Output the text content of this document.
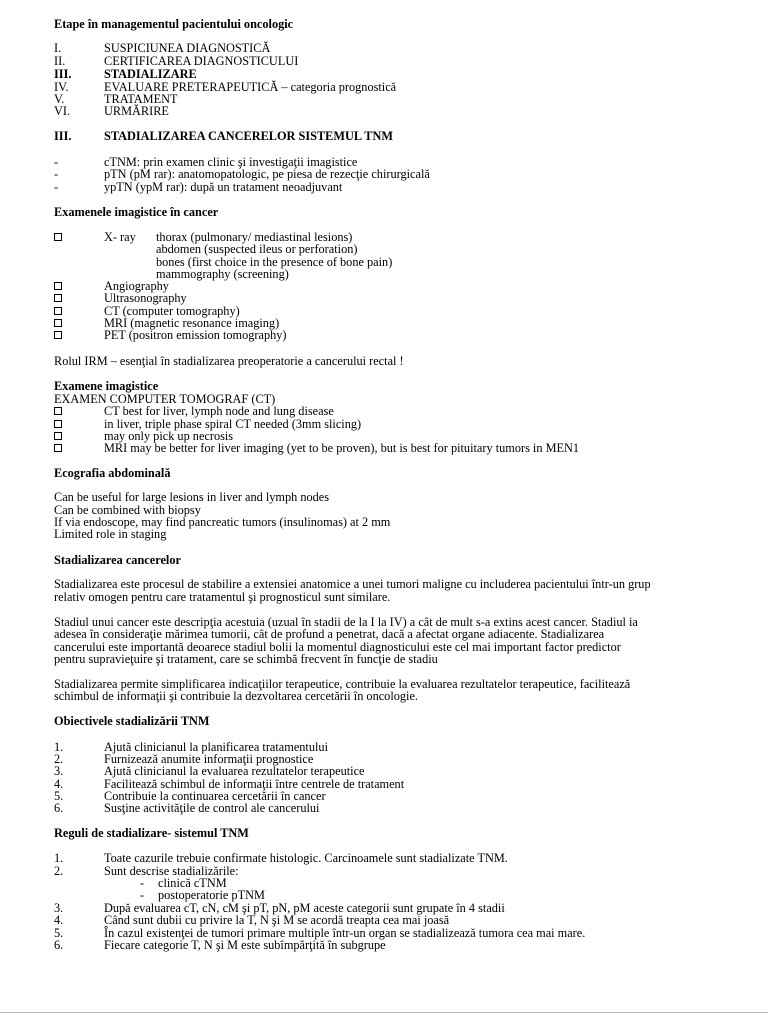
Etape în managementul pacientului oncologic
I.	SUSPICIUNEA DIAGNOSTICĂ
II.	CERTIFICAREA DIAGNOSTICULUI
III.	STADIALIZARE
IV.	EVALUARE PRETERAPEUTICĂ – categoria prognostică
V.	TRATAMENT
VI.	URMĂRIRE
III.	STADIALIZAREA CANCERELOR SISTEMUL TNM
-	cTNM: prin examen clinic şi investigaţii imagistice
-	pTN (pM rar): anatomopatologic, pe piesa de rezecţie chirurgicală
-	ypTN (ypM rar): după un tratament neoadjuvant
Examenele imagistice în cancer
X- ray thorax (pulmonary/ mediastinal lesions)
abdomen (suspected ileus or perforation)
bones (first choice in the presence of bone pain)
mammography (screening)
Angiography
Ultrasonography
CT (computer tomography)
MRI (magnetic resonance imaging)
PET (positron emission tomography)
Rolul IRM – esenţial în stadializarea preoperatorie a cancerului rectal !
Examene imagistice
EXAMEN COMPUTER TOMOGRAF (CT)
CT best for liver, lymph node and lung disease
in liver, triple phase spiral CT needed (3mm slicing)
may only pick up necrosis
MRI may be better for liver imaging (yet to be proven), but is best for pituitary tumors in MEN1
Ecografia abdominală
Can be useful for large lesions in liver and lymph nodes
Can be combined with biopsy
If via endoscope, may find pancreatic tumors (insulinomas) at 2 mm
Limited role in staging
Stadializarea cancerelor
Stadializarea este procesul de stabilire a extensiei anatomice a unei tumori maligne cu includerea pacientului într-un grup
relativ omogen pentru care tratamentul şi prognosticul sunt similare.
Stadiul unui cancer este descripţia acestuia (uzual în stadii de la I la IV) a cât de mult s-a extins acest cancer. Stadiul ia
adesea în consideraţie mărimea tumorii, cât de profund a penetrat, dacă a afectat organe adiacente. Stadializarea
cancerului este importantă deoarece stadiul bolii la momentul diagnosticului este cel mai important factor predictor
pentru supravieţuire şi tratament, care se schimbă frecvent în funcţie de stadiu
Stadializarea permite simplificarea indicaţiilor terapeutice, contribuie la evaluarea rezultatelor terapeutice, facilitează
schimbul de informaţii şi contribuie la dezvoltarea cercetării în oncologie.
Obiectivele stadializării TNM
1.	Ajută clinicianul la planificarea tratamentului
2.	Furnizează anumite informaţii prognostice
3.	Ajută clinicianul la evaluarea rezultatelor terapeutice
4.	Facilitează schimbul de informaţii între centrele de tratament
5.	Contribuie la continuarea cercetării în cancer
6.	Susţine activităţile de control ale cancerului
Reguli de stadializare- sistemul TNM
1.	Toate cazurile trebuie confirmate histologic. Carcinoamele sunt stadializate TNM.
2.	Sunt descrise stadializările:
- clinică cTNM
- postoperatorie pTNM
3.	După evaluarea cT, cN, cM şi pT, pN, pM aceste categorii sunt grupate în 4 stadii
4.	Când sunt dubii cu privire la T, N şi M se acordă treapta cea mai joasă
5.	În cazul existenţei de tumori primare multiple într-un organ se stadializează tumora cea mai mare.
6.	Fiecare categorie T, N şi M este subîmpărţită în subgrupe
